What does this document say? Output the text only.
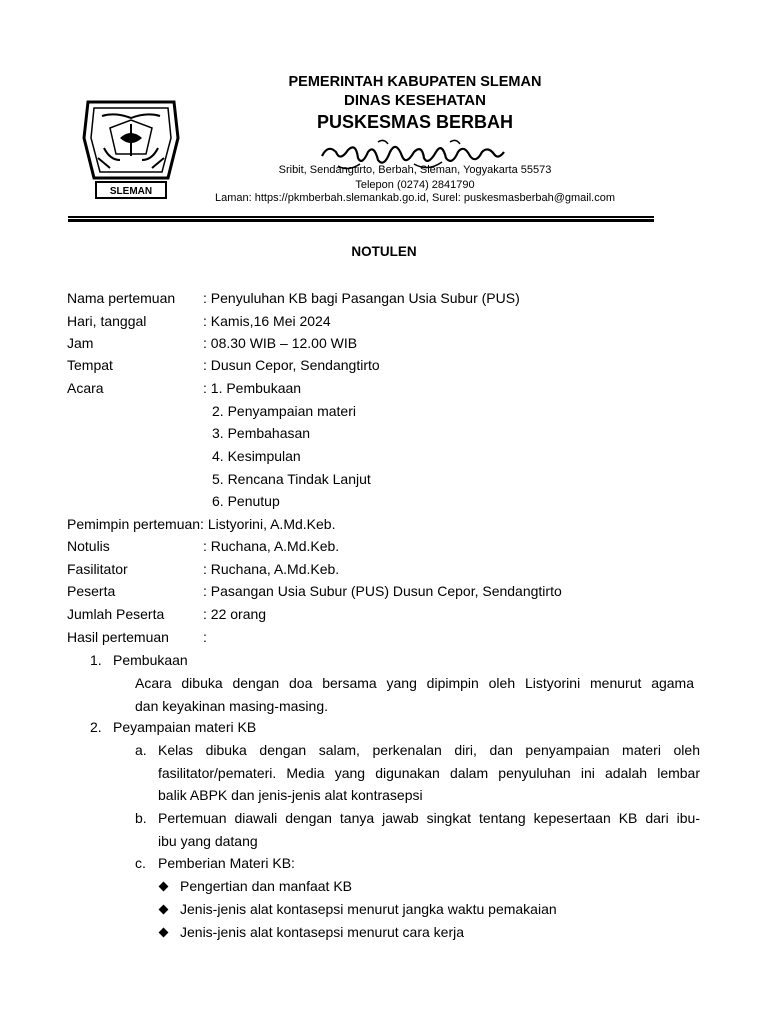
SLEMAN
PEMERINTAH KABUPATEN SLEMAN
DINAS KESEHATAN
PUSKESMAS BERBAH
Sribit, Sendangtirto, Berbah, Sleman, Yogyakarta 55573
Telepon (0274) 2841790
Laman: https://pkmberbah.slemankab.go.id, Surel: puskesmasberbah@gmail.com
NOTULEN
Nama pertemuan : Penyuluhan KB bagi Pasangan Usia Subur (PUS)
Hari, tanggal	: Kamis,16 Mei 2024
Jam	: 08.30 WIB – 12.00 WIB
Tempat	: Dusun Cepor, Sendangtirto
Acara	: 1. Pembukaan
2. Penyampaian materi
3. Pembahasan
4. Kesimpulan
5. Rencana Tindak Lanjut
6. Penutup
Pemimpin pertemuan: Listyorini, A.Md.Keb.
Notulis	: Ruchana, A.Md.Keb.
Fasilitator	: Ruchana, A.Md.Keb.
Peserta	: Pasangan Usia Subur (PUS) Dusun Cepor, Sendangtirto
Jumlah Peserta	: 22 orang
Hasil pertemuan :
1. Pembukaan
Acara dibuka dengan doa bersama yang dipimpin oleh Listyorini menurut agama
dan keyakinan masing-masing.
2. Peyampaian materi KB
a. Kelas dibuka dengan salam, perkenalan diri, dan penyampaian materi oleh
fasilitator/pemateri. Media yang digunakan dalam penyuluhan ini adalah lembar
balik ABPK dan jenis-jenis alat kontrasepsi
b. Pertemuan diawali dengan tanya jawab singkat tentang kepesertaan KB dari ibu-
ibu yang datang
c. Pemberian Materi KB:
Pengertian dan manfaat KB
Jenis-jenis alat kontasepsi menurut jangka waktu pemakaian
Jenis-jenis alat kontasepsi menurut cara kerja
